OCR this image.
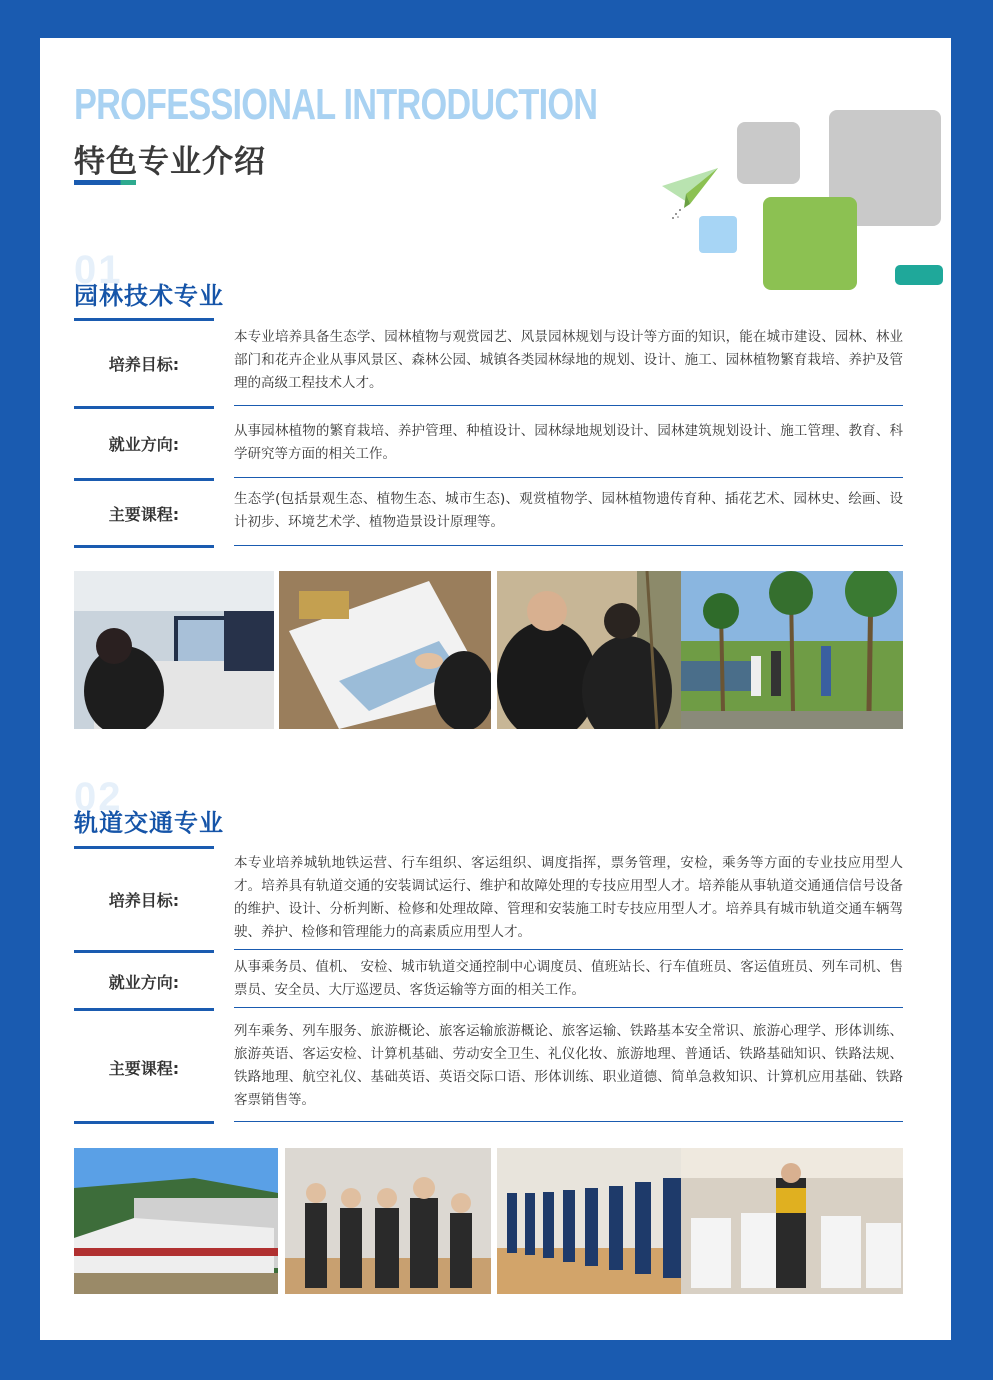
PROFESSIONAL INTRODUCTION
特色专业介绍
01
园林技术专业
培养目标:
本专业培养具备生态学、园林植物与观赏园艺、风景园林规划与设计等方面的知识，能在城市建设、园林、林业部门和花卉企业从事风景区、森林公园、城镇各类园林绿地的规划、设计、施工、园林植物繁育栽培、养护及管理的高级工程技术人才。
就业方向:
从事园林植物的繁育栽培、养护管理、种植设计、园林绿地规划设计、园林建筑规划设计、施工管理、教育、科学研究等方面的相关工作。
主要课程:
生态学(包括景观生态、植物生态、城市生态)、观赏植物学、园林植物遗传育种、插花艺术、园林史、绘画、设计初步、环境艺术学、植物造景设计原理等。
02
轨道交通专业
培养目标:
本专业培养城轨地铁运营、行车组织、客运组织、调度指挥，票务管理，安检，乘务等方面的专业技应用型人才。培养具有轨道交通的安装调试运行、维护和故障处理的专技应用型人才。培养能从事轨道交通通信信号设备的维护、设计、分析判断、检修和处理故障、管理和安装施工时专技应用型人才。培养具有城市轨道交通车辆驾驶、养护、检修和管理能力的高素质应用型人才。
就业方向:
从事乘务员、值机、 安检、城市轨道交通控制中心调度员、值班站长、行车值班员、客运值班员、列车司机、售票员、安全员、大厅巡逻员、客货运输等方面的相关工作。
主要课程:
列车乘务、列车服务、旅游概论、旅客运输旅游概论、旅客运输、铁路基本安全常识、旅游心理学、形体训练、旅游英语、客运安检、计算机基础、劳动安全卫生、礼仪化妆、旅游地理、普通话、铁路基础知识、铁路法规、铁路地理、航空礼仪、基础英语、英语交际口语、形体训练、职业道德、简单急救知识、计算机应用基础、铁路客票销售等。
